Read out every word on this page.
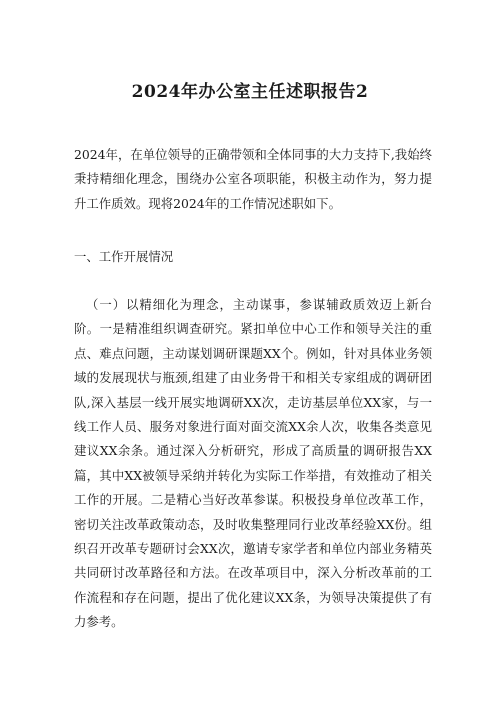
2024年办公室主任述职报告2

2024年，在单位领导的正确带领和全体同事的大力支持下,我始终秉持精细化理念，围绕办公室各项职能，积极主动作为，努力提升工作质效。现将2024年的工作情况述职如下。

一、工作开展情况

（一）以精细化为理念，主动谋事，参谋辅政质效迈上新台阶。一是精准组织调查研究。紧扣单位中心工作和领导关注的重点、难点问题，主动谋划调研课题XX个。例如，针对具体业务领域的发展现状与瓶颈,组建了由业务骨干和相关专家组成的调研团队,深入基层一线开展实地调研XX次，走访基层单位XX家，与一线工作人员、服务对象进行面对面交流XX余人次，收集各类意见建议XX余条。通过深入分析研究，形成了高质量的调研报告XX篇，其中XX被领导采纳并转化为实际工作举措，有效推动了相关工作的开展。二是精心当好改革参谋。积极投身单位改革工作，密切关注改革政策动态，及时收集整理同行业改革经验XX份。组织召开改革专题研讨会XX次，邀请专家学者和单位内部业务精英共同研讨改革路径和方法。在改革项目中，深入分析改革前的工作流程和存在问题，提出了优化建议XX条，为领导决策提供了有力参考。
